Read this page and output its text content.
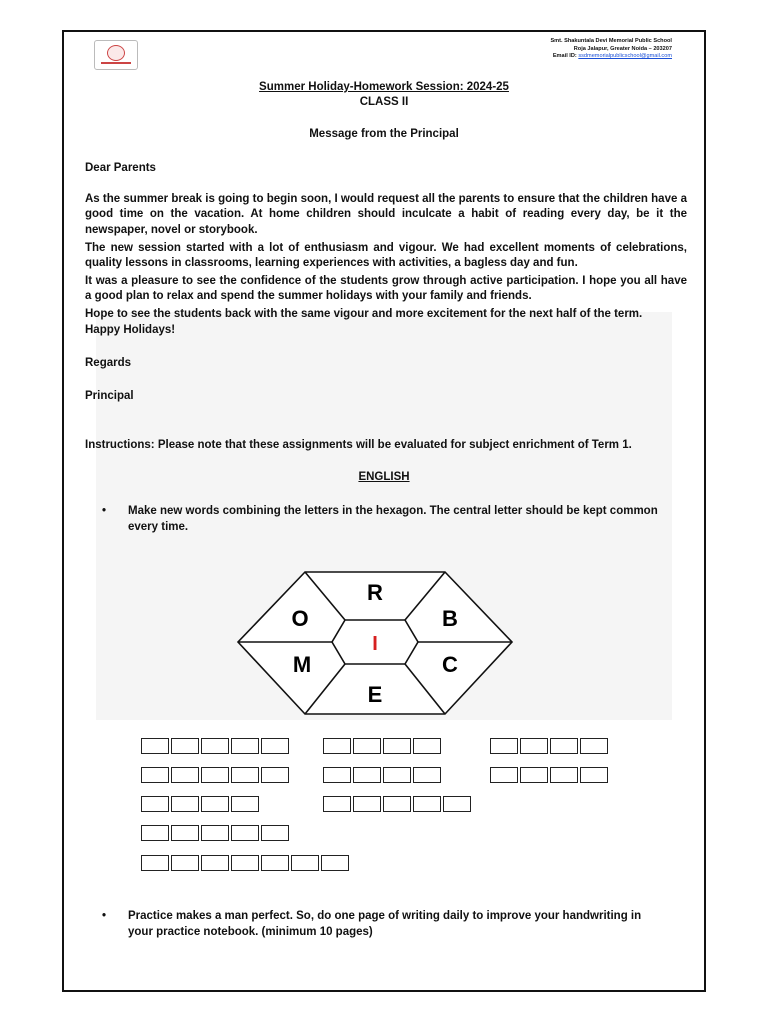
Smt. Shakuntala Devi Memorial Public School
Roja Jalapur, Greater Noida – 203207
Email ID: ssdmemorialpublicschool@gmail.com
Summer Holiday-Homework Session: 2024-25
CLASS II
Message from the Principal
Dear Parents
As the summer break is going to begin soon, I would request all the parents to ensure that the children have a good time on the vacation. At home children should inculcate a habit of reading every day, be it the newspaper, novel or storybook.
The new session started with a lot of enthusiasm and vigour. We had excellent moments of celebrations, quality lessons in classrooms, learning experiences with activities, a bagless day and fun.
It was a pleasure to see the confidence of the students grow through active participation. I hope you all have a good plan to relax and spend the summer holidays with your family and friends.
Hope to see the students back with the same vigour and more excitement for the next half of the term.
Happy Holidays!
Regards
Principal
Instructions: Please note that these assignments will be evaluated for subject enrichment of Term 1.
ENGLISH
• Make new words combining the letters in the hexagon. The central letter should be kept common every time.
R
O	B
I
M	C
E
• Practice makes a man perfect. So, do one page of writing daily to improve your handwriting in your practice notebook. (minimum 10 pages)
